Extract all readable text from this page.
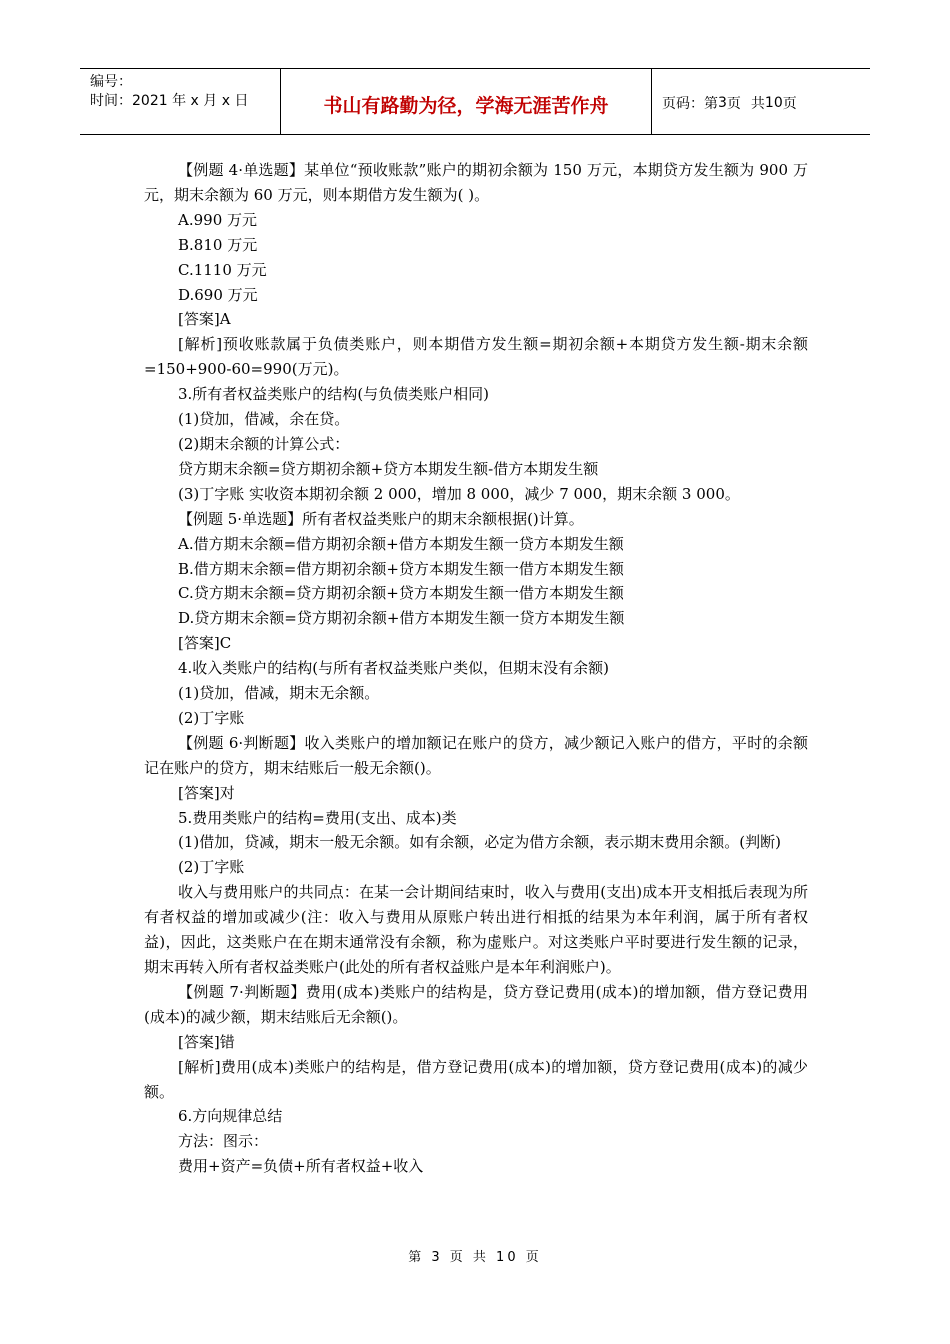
编号：
时间：2021 年 x 月 x 日	书山有路勤为径，学海无涯苦作舟	页码：第 3 页 共 10 页

【例题 4·单选题】某单位“预收账款”账户的期初余额为 150 万元，本期贷方发生额为 900 万元，期末余额为 60 万元，则本期借方发生额为( )。

A.990 万元

B.810 万元

C.1110 万元

D.690 万元

[答案]A

[解析]预收账款属于负债类账户，则本期借方发生额=期初余额+本期贷方发生额-期末余额=150+900-60=990(万元)。

3.所有者权益类账户的结构(与负债类账户相同)

(1)贷加，借减，余在贷。

(2)期末余额的计算公式：

贷方期末余额=贷方期初余额+贷方本期发生额-借方本期发生额

(3)丁字账 实收资本期初余额 2 000，增加 8 000，减少 7 000，期末余额 3 000。

【例题 5·单选题】所有者权益类账户的期末余额根据()计算。

A.借方期末余额=借方期初余额+借方本期发生额一贷方本期发生额

B.借方期末余额=借方期初余额+贷方本期发生额一借方本期发生额

C.贷方期末余额=贷方期初余额+贷方本期发生额一借方本期发生额

D.贷方期末余额=贷方期初余额+借方本期发生额一贷方本期发生额

[答案]C

4.收入类账户的结构(与所有者权益类账户类似，但期末没有余额)

(1)贷加，借减，期末无余额。

(2)丁字账

【例题 6·判断题】收入类账户的增加额记在账户的贷方，减少额记入账户的借方，平时的余额记在账户的贷方，期末结账后一般无余额()。

[答案]对

5.费用类账户的结构=费用(支出、成本)类

(1)借加，贷减，期末一般无余额。如有余额，必定为借方余额，表示期末费用余额。(判断)

(2)丁字账

收入与费用账户的共同点：在某一会计期间结束时，收入与费用(支出)成本开支相抵后表现为所有者权益的增加或减少(注：收入与费用从原账户转出进行相抵的结果为本年利润，属于所有者权益)，因此，这类账户在在期末通常没有余额，称为虚账户。对这类账户平时要进行发生额的记录，期末再转入所有者权益类账户(此处的所有者权益账户是本年利润账户)。

【例题 7·判断题】费用(成本)类账户的结构是，贷方登记费用(成本)的增加额，借方登记费用(成本)的减少额，期末结账后无余额()。

[答案]错

[解析]费用(成本)类账户的结构是，借方登记费用(成本)的增加额，贷方登记费用(成本)的减少额。

6.方向规律总结

方法：图示：

费用+资产=负债+所有者权益+收入

第 3 页 共 10 页
